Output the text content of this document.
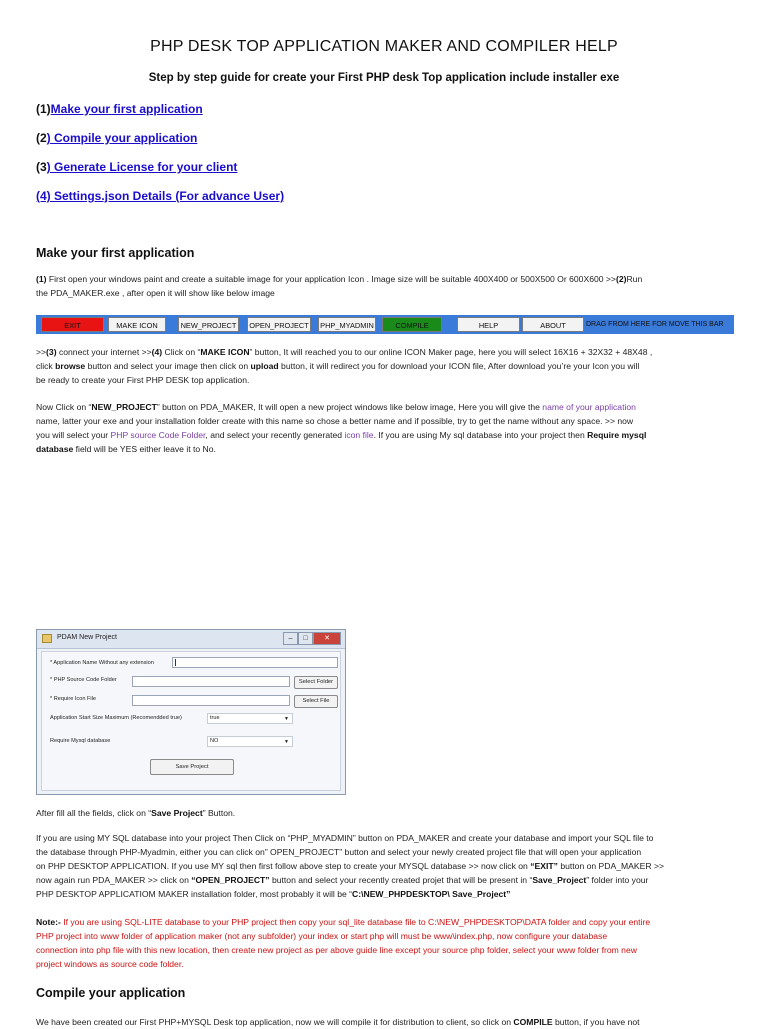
PHP DESK TOP APPLICATION MAKER AND COMPILER HELP
Step by step guide for create your First PHP desk Top application include installer exe
(1)Make your first application
(2) Compile your application
(3) Generate License for your client
(4) Settings.json Details (For advance User)
Make your first application
(1) First open your windows paint and create a suitable image for your application Icon . Image size will be suitable 400X400 or 500X500 Or 600X600 >>(2)Run
the PDA_MAKER.exe , after open it will show like below image
EXIT	MAKE ICON	NEW_PROJECT	OPEN_PROJECT PHP_MYADMIN	COMPILE	HELP	ABOUT	DRAG FROM HERE FOR MOVE THIS BAR
>>(3) connect your internet >>(4) Click on “MAKE ICON” button, It will reached you to our online ICON Maker page, here you will select 16X16 + 32X32 + 48X48 ,
click browse button and select your image then click on upload button, it will redirect you for download your ICON file, After download you’re your Icon you will
be ready to create your First PHP DESK top application.
Now Click on “NEW_PROJECT” button on PDA_MAKER, It will open a new project windows like below image, Here you will give the name of your application
name, latter your exe and your installation folder create with this name so chose a better name and if possible, try to get the name without any space. >> now
you will select your PHP source Code Folder, and select your recently generated icon file. If you are using My sql database into your project then Require mysql
database field will be YES either leave it to No.
PDAM New Project	–	□	✕
* Application Name Without any extension
* PHP Source Code Folder	Select Folder
* Require Icon File	Select File
Application Start Size Maximum (Recomendded true)	true	▼
Require Mysql database	NO	▼
Save Project
After fill all the fields, click on “Save Project” Button.
If you are using MY SQL database into your project Then Click on “PHP_MYADMIN” button on PDA_MAKER and create your database and import your SQL file to
the database through PHP-Myadmin, either you can click on” OPEN_PROJECT” button and select your newly created project file that will open your application
on PHP DESKTOP APPLICATION. If you use MY sql then first follow above step to create your MYSQL database >> now click on “EXIT” button on PDA_MAKER >>
now again run PDA_MAKER >> click on “OPEN_PROJECT” button and select your recently created projet that will be present in “Save_Project” folder into your
PHP DESKTOP APPLICATIOM MAKER installation folder, most probably it will be “C:\NEW_PHPDESKTOP\ Save_Project”
Note:- If you are using SQL-LITE database to your PHP project then copy your sql_lite database file to C:\NEW_PHPDESKTOP\DATA folder and copy your entire
PHP project into www folder of application maker (not any subfolder) your index or start php will must be www\index.php, now configure your database
connection into php file with this new location, then create new project as per above guide line except your source php folder, select your www folder from new
project windows as source code folder.
Compile your application
We have been created our First PHP+MYSQL Desk top application, now we will compile it for distribution to client, so click on COMPILE button, if you have not
